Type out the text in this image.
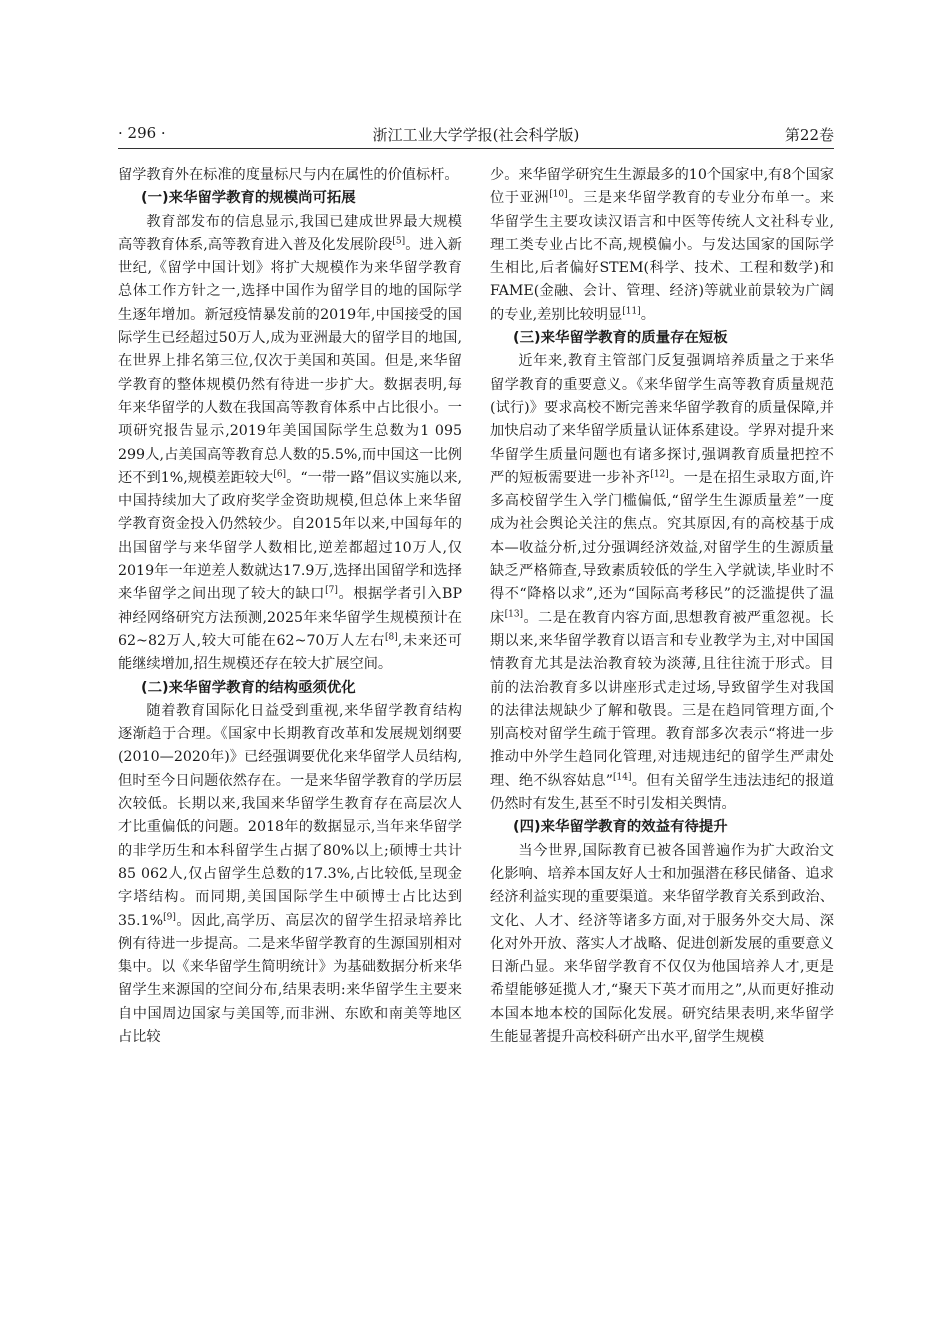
· 296 ·	浙江工业大学学报(社会科学版)	第22卷

留学教育外在标准的度量标尺与内在属性的价值标杆。

(一)来华留学教育的规模尚可拓展

教育部发布的信息显示,我国已建成世界最大规模高等教育体系,高等教育进入普及化发展阶段[5]。进入新世纪,《留学中国计划》将扩大规模作为来华留学教育总体工作方针之一,选择中国作为留学目的地的国际学生逐年增加。新冠疫情暴发前的2019年,中国接受的国际学生已经超过50万人,成为亚洲最大的留学目的地国,在世界上排名第三位,仅次于美国和英国。但是,来华留学教育的整体规模仍然有待进一步扩大。数据表明,每年来华留学的人数在我国高等教育体系中占比很小。一项研究报告显示,2019年美国国际学生总数为1 095 299人,占美国高等教育总人数的5.5%,而中国这一比例还不到1%,规模差距较大[6]。“一带一路”倡议实施以来,中国持续加大了政府奖学金资助规模,但总体上来华留学教育资金投入仍然较少。自2015年以来,中国每年的出国留学与来华留学人数相比,逆差都超过10万人,仅2019年一年逆差人数就达17.9万,选择出国留学和选择来华留学之间出现了较大的缺口[7]。根据学者引入BP神经网络研究方法预测,2025年来华留学生规模预计在62~82万人,较大可能在62~70万人左右[8],未来还可能继续增加,招生规模还存在较大扩展空间。

(二)来华留学教育的结构亟须优化

随着教育国际化日益受到重视,来华留学教育结构逐渐趋于合理。《国家中长期教育改革和发展规划纲要(2010—2020年)》已经强调要优化来华留学人员结构,但时至今日问题依然存在。一是来华留学教育的学历层次较低。长期以来,我国来华留学生教育存在高层次人才比重偏低的问题。2018年的数据显示,当年来华留学的非学历生和本科留学生占据了80%以上;硕博士共计85 062人,仅占留学生总数的17.3%,占比较低,呈现金字塔结构。而同期,美国国际学生中硕博士占比达到35.1%[9]。因此,高学历、高层次的留学生招录培养比例有待进一步提高。二是来华留学教育的生源国别相对集中。以《来华留学生简明统计》为基础数据分析来华留学生来源国的空间分布,结果表明:来华留学生主要来自中国周边国家与美国等,而非洲、东欧和南美等地区占比较

少。来华留学研究生生源最多的10个国家中,有8个国家位于亚洲[10]。三是来华留学教育的专业分布单一。来华留学生主要攻读汉语言和中医等传统人文社科专业,理工类专业占比不高,规模偏小。与发达国家的国际学生相比,后者偏好STEM(科学、技术、工程和数学)和FAME(金融、会计、管理、经济)等就业前景较为广阔的专业,差别比较明显[11]。

(三)来华留学教育的质量存在短板

近年来,教育主管部门反复强调培养质量之于来华留学教育的重要意义。《来华留学生高等教育质量规范(试行)》要求高校不断完善来华留学教育的质量保障,并加快启动了来华留学质量认证体系建设。学界对提升来华留学生质量问题也有诸多探讨,强调教育质量把控不严的短板需要进一步补齐[12]。一是在招生录取方面,许多高校留学生入学门槛偏低,“留学生生源质量差”一度成为社会舆论关注的焦点。究其原因,有的高校基于成本—收益分析,过分强调经济效益,对留学生的生源质量缺乏严格筛查,导致素质较低的学生入学就读,毕业时不得不“降格以求”,还为“国际高考移民”的泛滥提供了温床[13]。二是在教育内容方面,思想教育被严重忽视。长期以来,来华留学教育以语言和专业教学为主,对中国国情教育尤其是法治教育较为淡薄,且往往流于形式。目前的法治教育多以讲座形式走过场,导致留学生对我国的法律法规缺少了解和敬畏。三是在趋同管理方面,个别高校对留学生疏于管理。教育部多次表示“将进一步推动中外学生趋同化管理,对违规违纪的留学生严肃处理、绝不纵容姑息”[14]。但有关留学生违法违纪的报道仍然时有发生,甚至不时引发相关舆情。

(四)来华留学教育的效益有待提升

当今世界,国际教育已被各国普遍作为扩大政治文化影响、培养本国友好人士和加强潜在移民储备、追求经济利益实现的重要渠道。来华留学教育关系到政治、文化、人才、经济等诸多方面,对于服务外交大局、深化对外开放、落实人才战略、促进创新发展的重要意义日渐凸显。来华留学教育不仅仅为他国培养人才,更是希望能够延揽人才,“聚天下英才而用之”,从而更好推动本国本地本校的国际化发展。研究结果表明,来华留学生能显著提升高校科研产出水平,留学生规模
